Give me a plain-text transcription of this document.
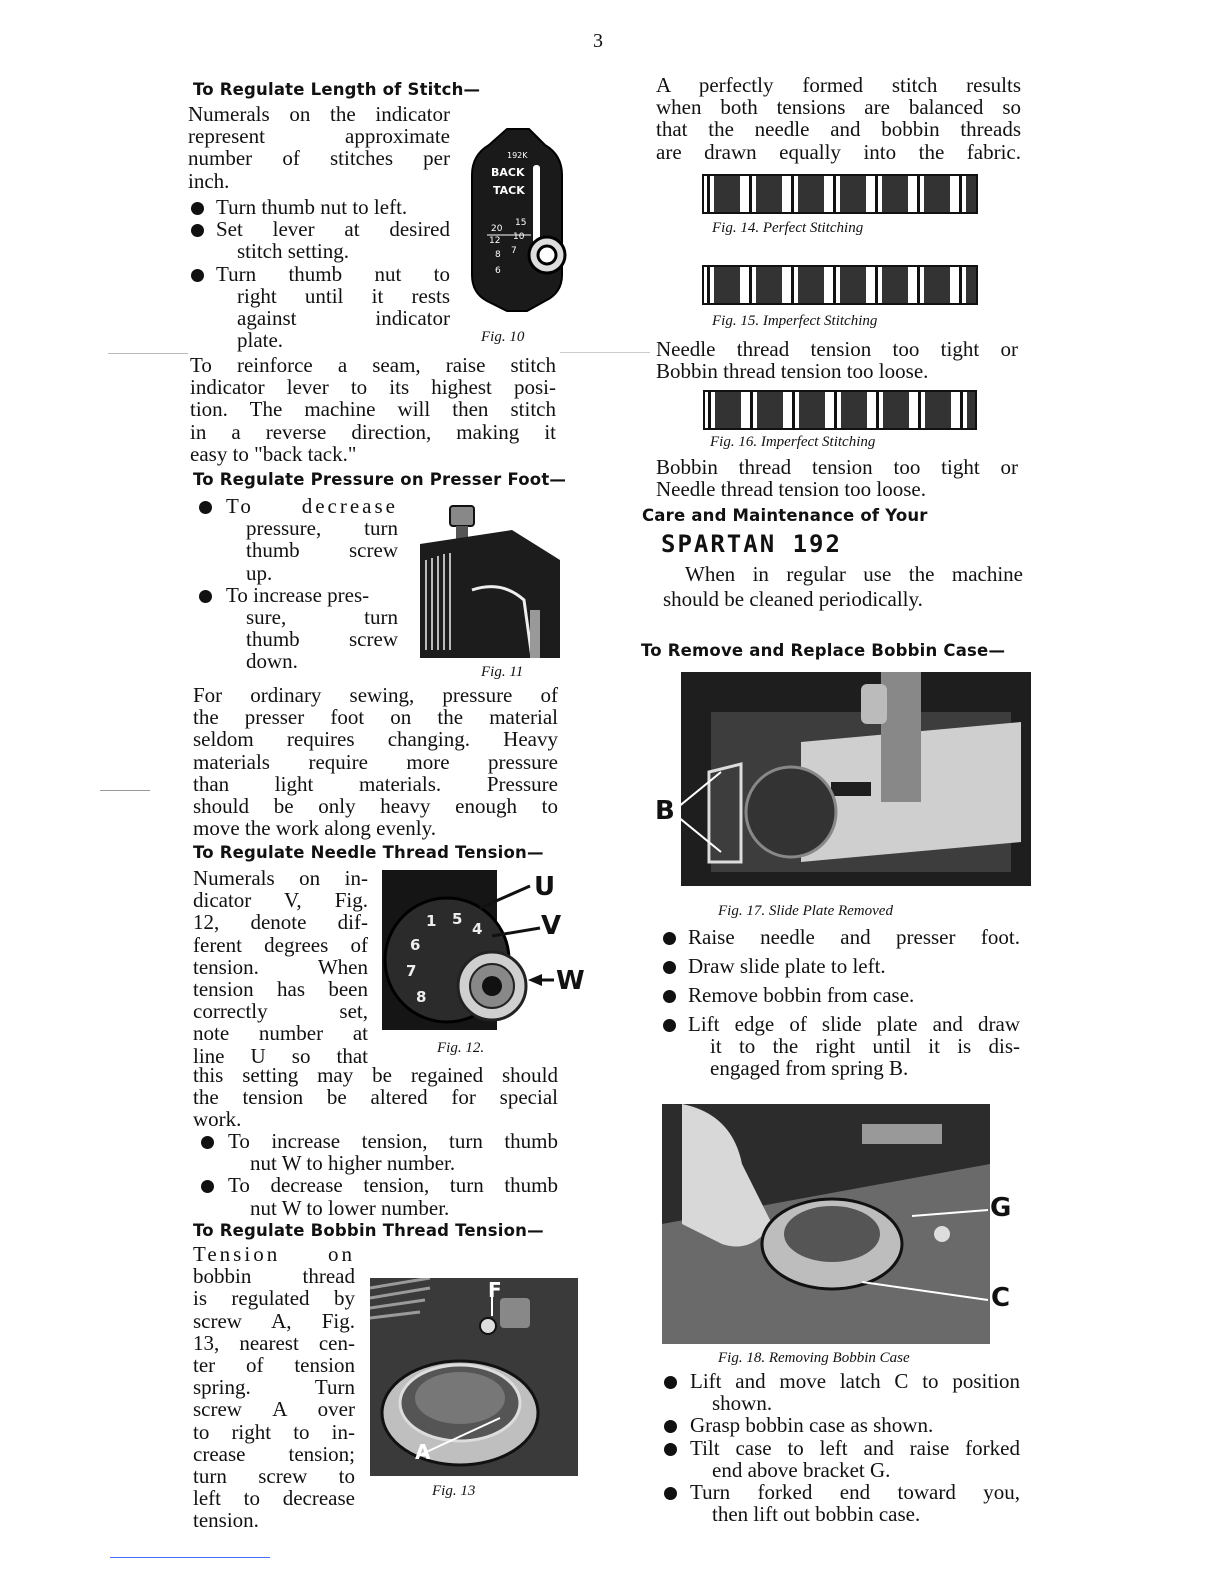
3
To Regulate Length of Stitch—
Numerals on the indicator
represent approximate
number of stitches per
inch.
Turn thumb nut to left.
Set lever at desired
stitch setting.
Turn thumb nut to
right until it rests
against indicator
plate.
192K
BACK
TACK
20
15
12 10
8 7
6
Fig. 10
To reinforce a seam, raise stitch
indicator lever to its highest posi-
tion. The machine will then stitch
in a reverse direction, making it
easy to "back tack."
To Regulate Pressure on Presser Foot—
To decrease
pressure, turn
thumb screw
up.
To increase pres-
sure, turn
thumb screw
down.	Fig. 11
For ordinary sewing, pressure of
the presser foot on the material
seldom requires changing. Heavy
materials require more pressure
than light materials. Pressure
should be only heavy enough to
move the work along evenly.
To Regulate Needle Thread Tension—
Numerals on in-
dicator V, Fig.
12, denote dif-
ferent degrees of
tension. When
tension has been
correctly set,
note number at
line U so that
1 5
4
6
7
8
U
V
W
Fig. 12.
this setting may be regained should
the tension be altered for special
work.
To increase tension, turn thumb
nut W to higher number.
To decrease tension, turn thumb
nut W to lower number.
To Regulate Bobbin Thread Tension—
Tension on
bobbin thread
is regulated by
screw A, Fig.
13, nearest cen-
ter of tension
spring. Turn
screw A over
to right to in-
crease tension;
turn screw to
left to decrease
tension.
F
A
Fig. 13
A perfectly formed stitch results
when both tensions are balanced so
that the needle and bobbin threads
are drawn equally into the fabric.
Fig. 14. Perfect Stitching
Fig. 15. Imperfect Stitching
Needle thread tension too tight or
Bobbin thread tension too loose.
Fig. 16. Imperfect Stitching
Bobbin thread tension too tight or
Needle thread tension too loose.
Care and Maintenance of Your
SPARTAN 192
When in regular use the machine
should be cleaned periodically.
To Remove and Replace Bobbin Case—
B
Fig. 17. Slide Plate Removed
Raise needle and presser foot.
Draw slide plate to left.
Remove bobbin from case.
Lift edge of slide plate and draw
it to the right until it is dis-
engaged from spring B.
G
C
Fig. 18. Removing Bobbin Case
Lift and move latch C to position
shown.
Grasp bobbin case as shown.
Tilt case to left and raise forked
end above bracket G.
Turn forked end toward you,
then lift out bobbin case.
